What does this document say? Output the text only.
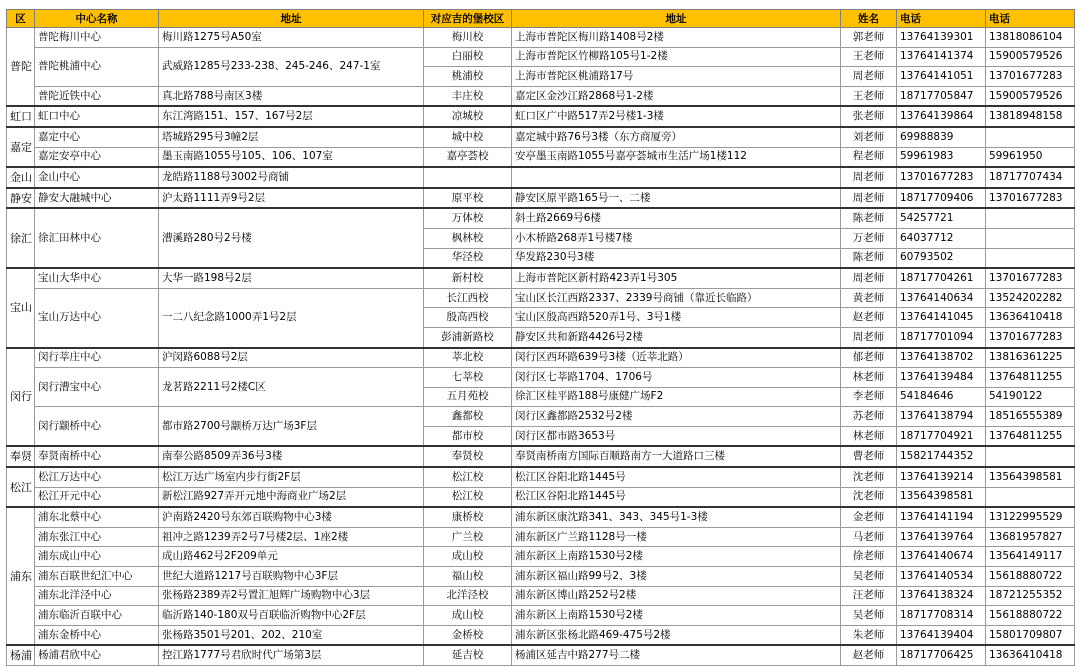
区	中心名称	地址	对应吉的堡校区	地址	姓名	电话	电话
普陀	普陀梅川中心	梅川路1275号A50室	梅川校	上海市普陀区梅川路1408号2楼	郭老师	13764139301	13818086104
	普陀桃浦中心	武威路1285号233-238、245-246、247-1室	白丽校	上海市普陀区竹柳路105号1-2楼	王老师	13764141374	15900579526
			桃浦校	上海市普陀区桃浦路17号	周老师	13764141051	13701677283
	普陀近铁中心	真北路788号南区3楼	丰庄校	嘉定区金沙江路2868号1-2楼	王老师	18717705847	15900579526
虹口	虹口中心	东江湾路151、157、167号2层	凉城校	虹口区广中路517弄2号楼1-3楼	张老师	13764139864	13818948158
嘉定	嘉定中心	塔城路295号3幢2层	城中校	嘉定城中路76号3楼（东方商厦旁）	刘老师	69988839	
	嘉定安亭中心	墨玉南路1055号105、106、107室	嘉亭荟校	安亭墨玉南路1055号嘉亭荟城市生活广场1楼112	程老师	59961983	59961950
金山	金山中心	龙皓路1188号3002号商铺			周老师	13701677283	18717707434
静安	静安大融城中心	沪太路1111弄9号2层	原平校	静安区原平路165号一、二楼	周老师	18717709406	13701677283
徐汇	徐汇田林中心	漕溪路280号2号楼	万体校	斜土路2669号6楼	陈老师	54257721	
			枫林校	小木桥路268弄1号楼7楼	万老师	64037712	
			华泾校	华发路230号3楼	陈老师	60793502	
宝山	宝山大华中心	大华一路198号2层	新村校	上海市普陀区新村路423弄1号305	周老师	18717704261	13701677283
	宝山万达中心	一二八纪念路1000弄1号2层	长江西校	宝山区长江西路2337、2339号商铺（靠近长临路）	黄老师	13764140634	13524202282
			殷高西校	宝山区殷高西路520弄1号、3号1楼	赵老师	13764141045	13636410418
			彭浦新路校	静安区共和新路4426号2楼	周老师	18717701094	13701677283
闵行	闵行莘庄中心	沪闵路6088号2层	莘北校	闵行区西环路639号3楼（近莘北路）	郁老师	13764138702	13816361225
	闵行漕宝中心	龙茗路2211号2楼C区	七莘校	闵行区七莘路1704、1706号	林老师	13764139484	13764811255
			五月苑校	徐汇区桂平路188号康健广场F2	李老师	54184646	54190122
	闵行颛桥中心	都市路2700号颛桥万达广场3F层	鑫都校	闵行区鑫都路2532号2楼	苏老师	13764138794	18516555389
			都市校	闵行区都市路3653号	林老师	18717704921	13764811255
奉贤	奉贤南桥中心	南奉公路8509弄36号3楼	奉贤校	奉贤南桥南方国际百顺路南方一大道路口三楼	曹老师	15821744352	
松江	松江万达中心	松江万达广场室内步行街2F层	松江校	松江区谷阳北路1445号	沈老师	13764139214	13564398581
	松江开元中心	新松江路927弄开元地中海商业广场2层	松江校	松江区谷阳北路1445号	沈老师	13564398581	
浦东	浦东北蔡中心	沪南路2420号东郊百联购物中心3楼	康桥校	浦东新区康沈路341、343、345号1-3楼	金老师	13764141194	13122995529
	浦东张江中心	祖冲之路1239弄2号7号楼2层、1座2楼	广兰校	浦东新区广兰路1128号一楼	马老师	13764139764	13681957827
	浦东成山中心	成山路462号2F209单元	成山校	浦东新区上南路1530号2楼	徐老师	13764140674	13564149117
	浦东百联世纪汇中心	世纪大道路1217号百联购物中心3F层	福山校	浦东新区福山路99号2、3楼	吴老师	13764140534	15618880722
	浦东北洋泾中心	张杨路2389弄2号置汇旭辉广场购物中心3层	北洋泾校	浦东新区博山路252号2楼	汪老师	13764138324	18721255352
	浦东临沂百联中心	临沂路140-180双号百联临沂购物中心2F层	成山校	浦东新区上南路1530号2楼	吴老师	18717708314	15618880722
	浦东金桥中心	张杨路3501号201、202、210室	金桥校	浦东新区张杨北路469-475号2楼	朱老师	13764139404	15801709807
杨浦	杨浦君欣中心	控江路1777号君欣时代广场第3层	延吉校	杨浦区延吉中路277号二楼	赵老师	18717706425	13636410418
